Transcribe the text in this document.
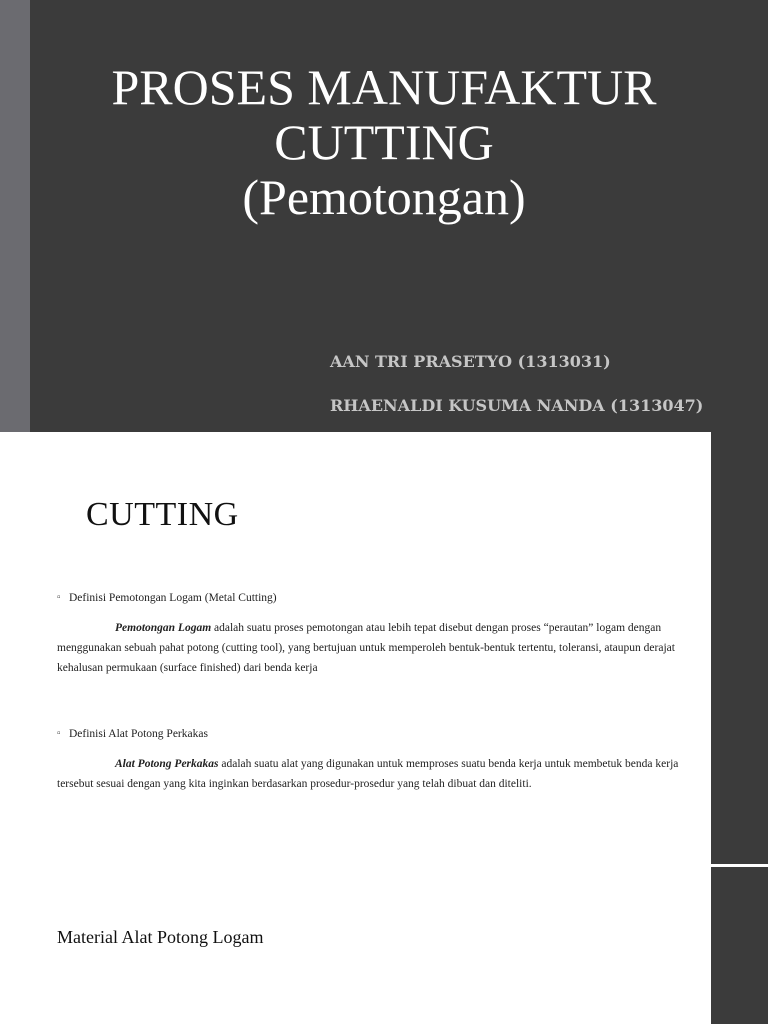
PROSES MANUFAKTUR
CUTTING
(Pemotongan)
AAN TRI PRASETYO (1313031)
RHAENALDI KUSUMA NANDA (1313047)
CUTTING
▫ Definisi Pemotongan Logam (Metal Cutting)
Pemotongan Logam adalah suatu proses pemotongan atau lebih tepat disebut dengan proses “perautan” logam dengan menggunakan sebuah pahat potong (cutting tool), yang bertujuan untuk memperoleh bentuk-bentuk tertentu, toleransi, ataupun derajat kehalusan permukaan (surface finished) dari benda kerja
▫ Definisi Alat Potong Perkakas
Alat Potong Perkakas adalah suatu alat yang digunakan untuk memproses suatu benda kerja untuk membetuk benda kerja tersebut sesuai dengan yang kita inginkan berdasarkan prosedur-prosedur yang telah dibuat dan diteliti.
Material Alat Potong Logam
